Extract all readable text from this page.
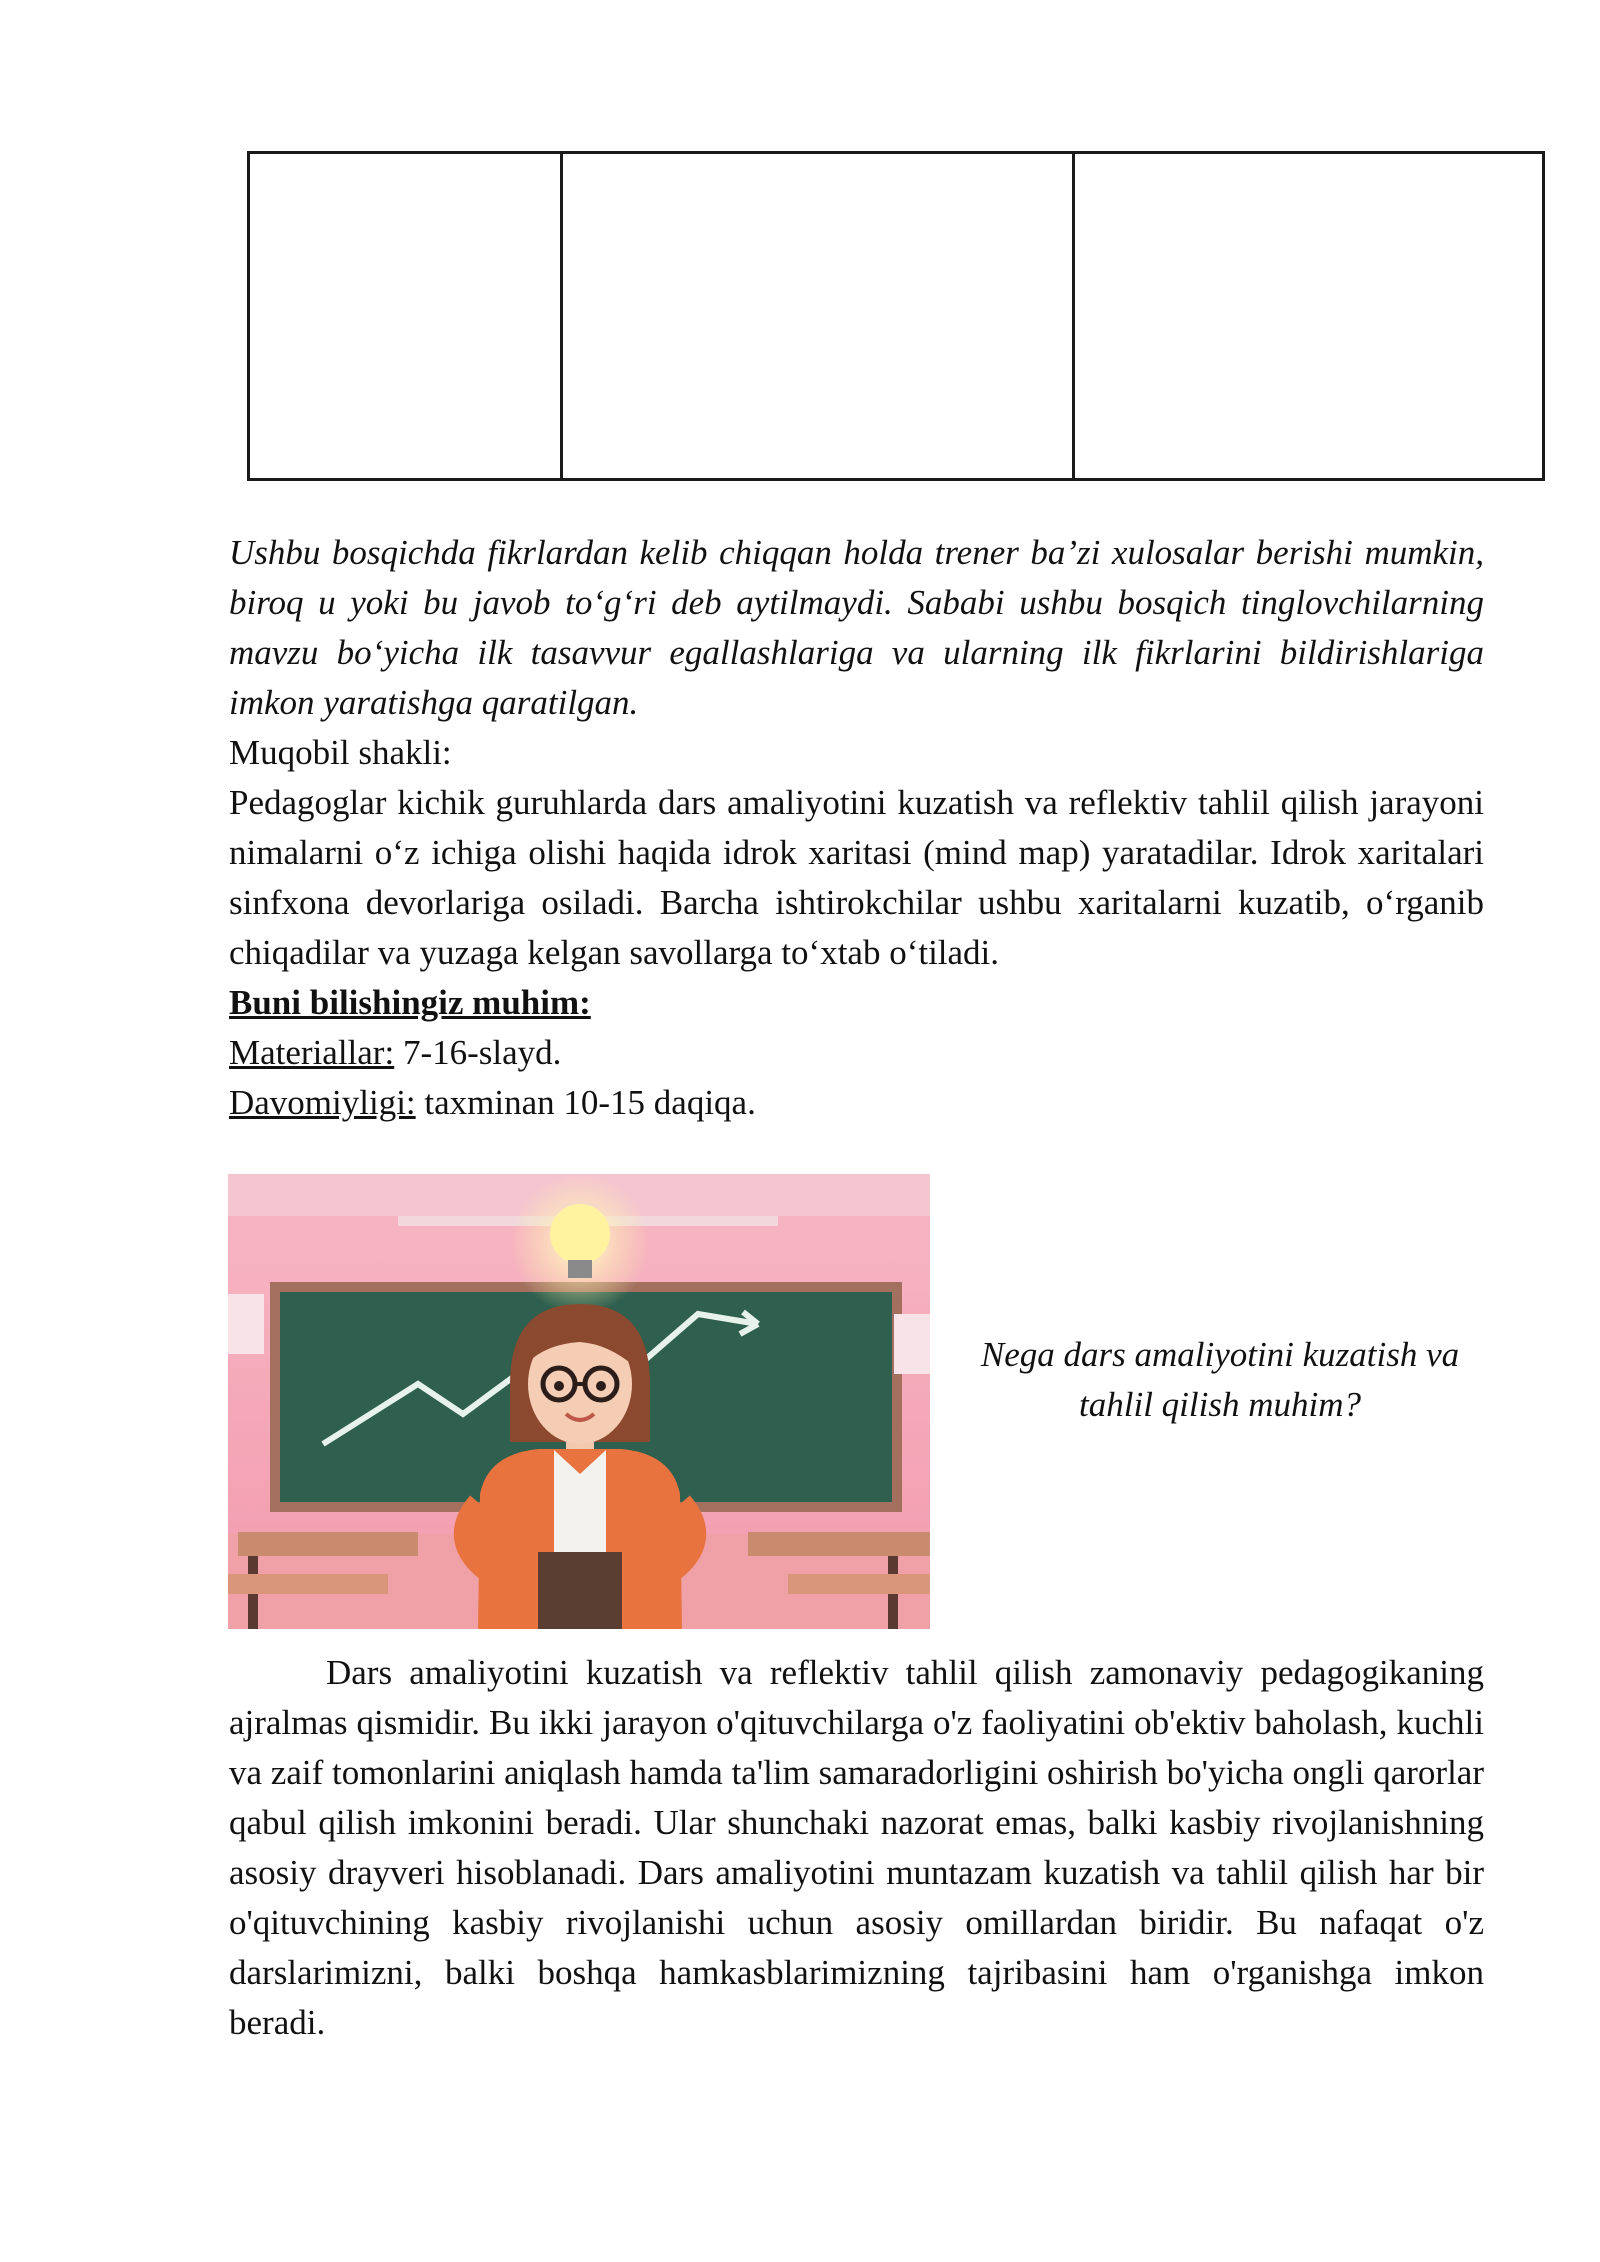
Ushbu bosqichda fikrlardan kelib chiqqan holda trener ba’zi xulosalar berishi mumkin, biroq u yoki bu javob to‘g‘ri deb aytilmaydi. Sababi ushbu bosqich tinglovchilarning mavzu bo‘yicha ilk tasavvur egallashlariga va ularning ilk fikrlarini bildirishlariga imkon yaratishga qaratilgan.

Muqobil shakli:

Pedagoglar kichik guruhlarda dars amaliyotini kuzatish va reflektiv tahlil qilish jarayoni nimalarni o‘z ichiga olishi haqida idrok xaritasi (mind map) yaratadilar. Idrok xaritalari sinfxona devorlariga osiladi. Barcha ishtirokchilar ushbu xaritalarni kuzatib, o‘rganib chiqadilar va yuzaga kelgan savollarga to‘xtab o‘tiladi.

Buni bilishingiz muhim:
Materiallar: 7-16-slayd.
Davomiyligi: taxminan 10-15 daqiqa.
Nega dars amaliyotini kuzatish va tahlil qilish muhim?

Dars amaliyotini kuzatish va reflektiv tahlil qilish zamonaviy pedagogikaning ajralmas qismidir. Bu ikki jarayon o'qituvchilarga o'z faoliyatini ob'ektiv baholash, kuchli va zaif tomonlarini aniqlash hamda ta'lim samaradorligini oshirish bo'yicha ongli qarorlar qabul qilish imkonini beradi. Ular shunchaki nazorat emas, balki kasbiy rivojlanishning asosiy drayveri hisoblanadi. Dars amaliyotini muntazam kuzatish va tahlil qilish har bir o'qituvchining kasbiy rivojlanishi uchun asosiy omillardan biridir. Bu nafaqat o'z darslarimizni, balki boshqa hamkasblarimizning tajribasini ham o'rganishga imkon beradi.
